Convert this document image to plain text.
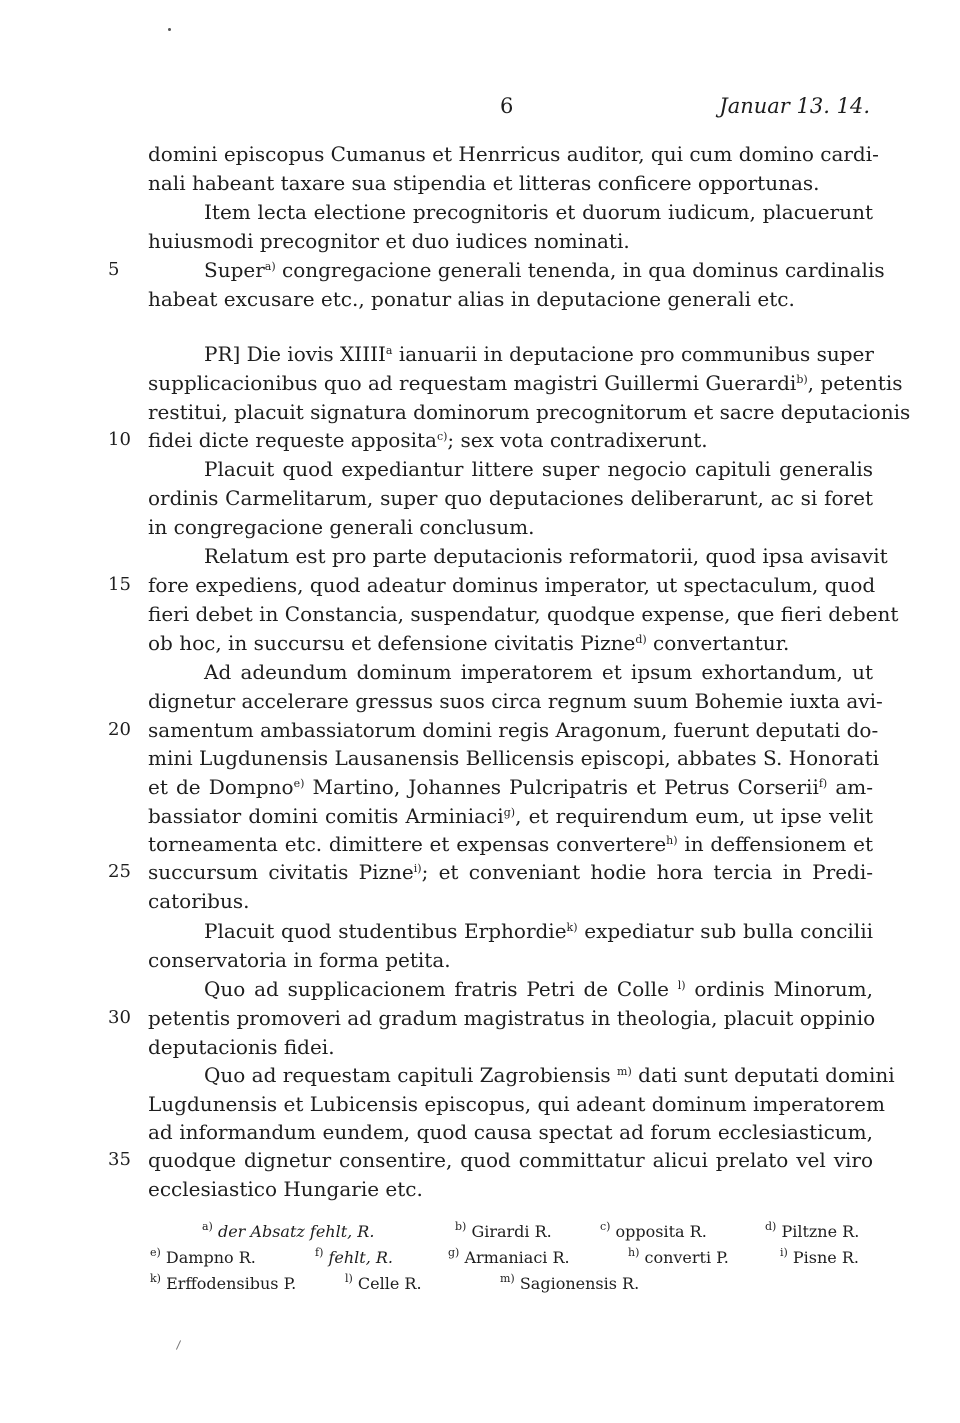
6	Januar 13. 14.
5
10
15
20
25
30
35
domini episcopus Cumanus et Henrricus auditor, qui cum domino cardi-
nali habeant taxare sua stipendia et litteras conficere opportunas.
Item lecta electione precognitoris et duorum iudicum, placuerunt
huiusmodi precognitor et duo iudices nominati.
Super$^{a)}$ congregacione generali tenenda, in qua dominus cardinalis
habeat excusare etc., ponatur alias in deputacione generali etc.
PR] Die iovis XIIII$^a$ ianuarii in deputacione pro communibus super
supplicacionibus quo ad requestam magistri Guillermi Guerardi$^{b)}$, petentis
restitui, placuit signatura dominorum precognitorum et sacre deputacionis
fidei dicte requeste apposita$^{c)}$; sex vota contradixerunt.
Placuit quod expediantur littere super negocio capituli generalis
ordinis Carmelitarum, super quo deputaciones deliberarunt, ac si foret
in congregacione generali conclusum.
Relatum est pro parte deputacionis reformatorii, quod ipsa avisavit
fore expediens, quod adeatur dominus imperator, ut spectaculum, quod
fieri debet in Constancia, suspendatur, quodque expense, que fieri debent
ob hoc, in succursu et defensione civitatis Pizne$^{d)}$ convertantur.
Ad adeundum dominum imperatorem et ipsum exhortandum, ut
dignetur accelerare gressus suos circa regnum suum Bohemie iuxta avi-
samentum ambassiatorum domini regis Aragonum, fuerunt deputati do-
mini Lugdunensis Lausanensis Bellicensis episcopi, abbates S. Honorati
et de Dompno$^{e)}$ Martino, Johannes Pulcripatris et Petrus Corserii$^{f)}$ am-
bassiator domini comitis Arminiaci$^{g)}$, et requirendum eum, ut ipse velit
torneamenta etc. dimittere et expensas convertere$^{h)}$ in deffensionem et
succursum civitatis Pizne$^{i)}$; et conveniant hodie hora tercia in Predi-
catoribus.
Placuit quod studentibus Erphordie$^{k)}$ expediatur sub bulla concilii
conservatoria in forma petita.
Quo ad supplicacionem fratris Petri de Colle $^{l)}$ ordinis Minorum,
petentis promoveri ad gradum magistratus in theologia, placuit oppinio
deputacionis fidei.
Quo ad requestam capituli Zagrobiensis $^{m)}$ dati sunt deputati domini
Lugdunensis et Lubicensis episcopus, qui adeant dominum imperatorem
ad informandum eundem, quod causa spectat ad forum ecclesiasticum,
quodque dignetur consentire, quod committatur alicui prelato vel viro
ecclesiastico Hungarie etc.
$^{a)}$ der Absatz fehlt, R.	$^{b)}$ Girardi R.	$^{c)}$ opposita R.	$^{d)}$ Piltzne R.
$^{e)}$ Dampno R.	$^{f)}$ fehlt, R.	$^{g)}$ Armaniaci R.	$^{h)}$ converti P.	$^{i)}$ Pisne R.
$^{k)}$ Erffodensibus P.	$^{l)}$ Celle R.	$^{m)}$ Sagionensis R.
